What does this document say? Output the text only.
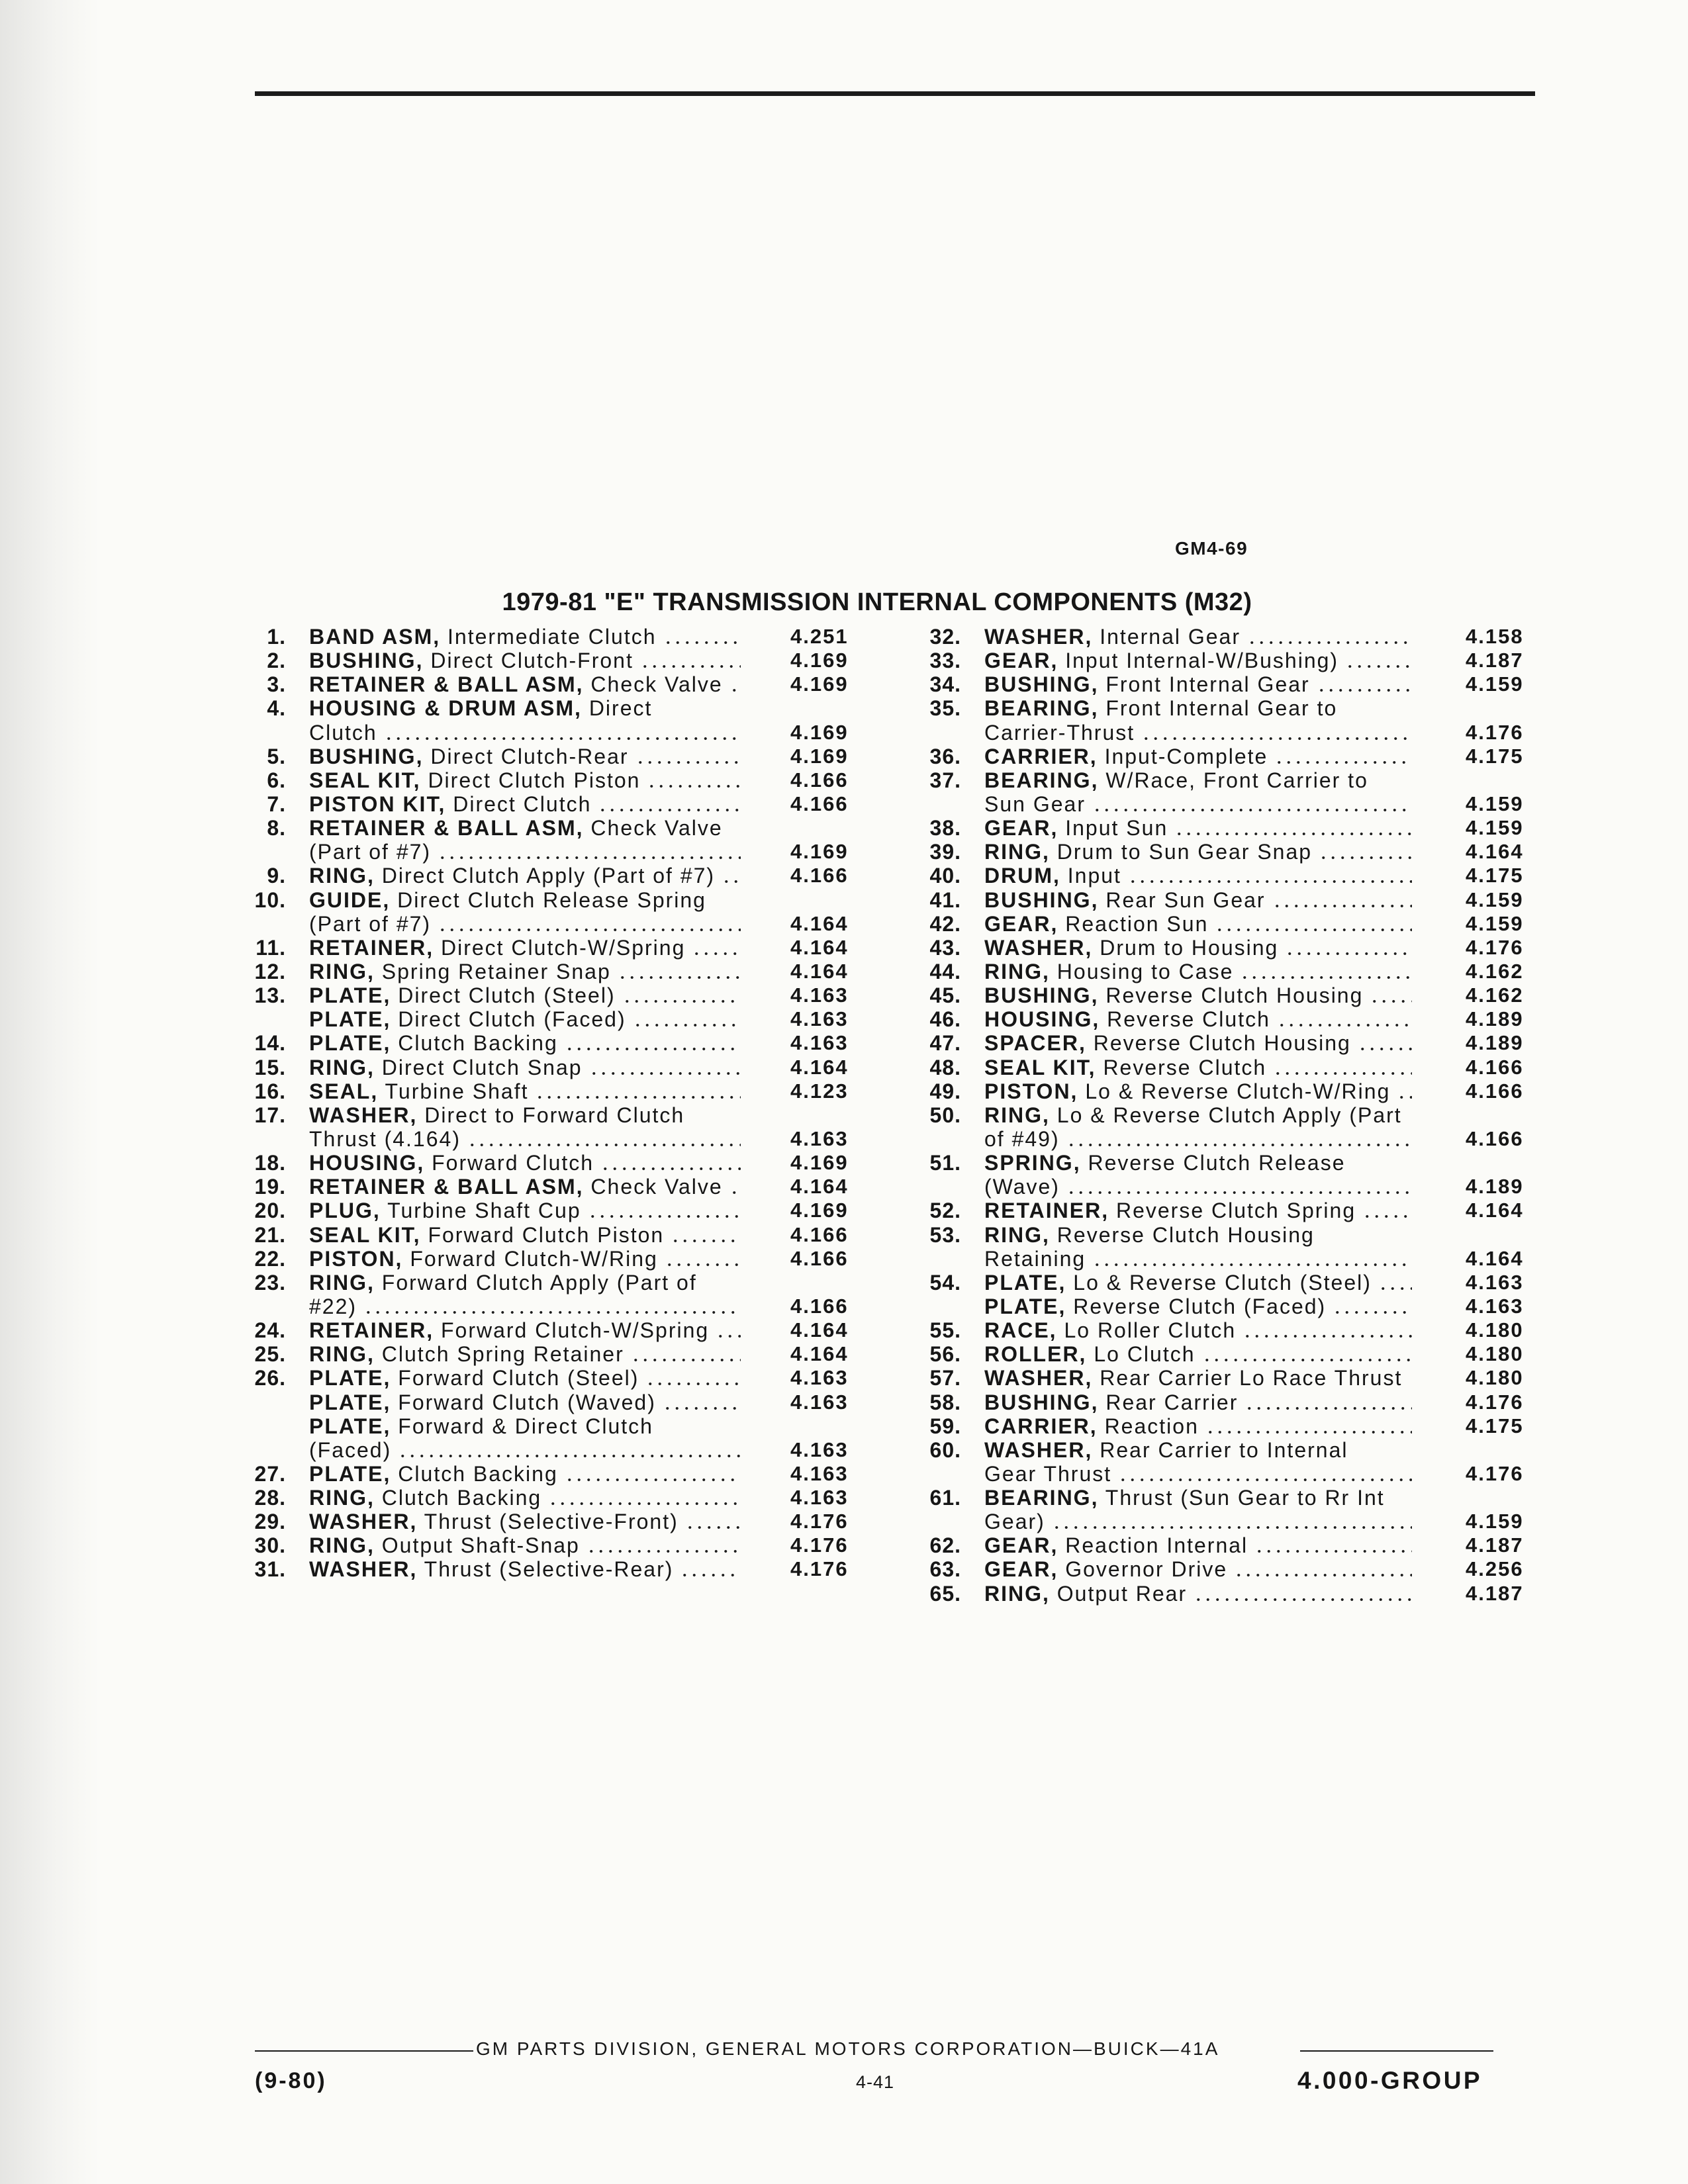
GM4-69
1979-81 "E" TRANSMISSION INTERNAL COMPONENTS (M32)
1. BAND ASM, Intermediate Clutch	4.251
2. BUSHING, Direct Clutch-Front	4.169
3. RETAINER & BALL ASM, Check Valve	4.169
4. HOUSING & DRUM ASM, Direct
Clutch	4.169
5. BUSHING, Direct Clutch-Rear	4.169
6. SEAL KIT, Direct Clutch Piston	4.166
7. PISTON KIT, Direct Clutch	4.166
8. RETAINER & BALL ASM, Check Valve
(Part of #7)	4.169
9. RING, Direct Clutch Apply (Part of #7)	4.166
10. GUIDE, Direct Clutch Release Spring
(Part of #7)	4.164
11. RETAINER, Direct Clutch-W/Spring	4.164
12. RING, Spring Retainer Snap	4.164
13. PLATE, Direct Clutch (Steel)	4.163
PLATE, Direct Clutch (Faced)	4.163
14. PLATE, Clutch Backing	4.163
15. RING, Direct Clutch Snap	4.164
16. SEAL, Turbine Shaft	4.123
17. WASHER, Direct to Forward Clutch
Thrust (4.164)	4.163
18. HOUSING, Forward Clutch	4.169
19. RETAINER & BALL ASM, Check Valve	4.164
20. PLUG, Turbine Shaft Cup	4.169
21. SEAL KIT, Forward Clutch Piston	4.166
22. PISTON, Forward Clutch-W/Ring	4.166
23. RING, Forward Clutch Apply (Part of
#22)	4.166
24. RETAINER, Forward Clutch-W/Spring	4.164
25. RING, Clutch Spring Retainer	4.164
26. PLATE, Forward Clutch (Steel)	4.163
PLATE, Forward Clutch (Waved)	4.163
PLATE, Forward & Direct Clutch
(Faced)	4.163
27. PLATE, Clutch Backing	4.163
28. RING, Clutch Backing	4.163
29. WASHER, Thrust (Selective-Front)	4.176
30. RING, Output Shaft-Snap	4.176
31. WASHER, Thrust (Selective-Rear)	4.176
32. WASHER, Internal Gear	4.158
33. GEAR, Input Internal-W/Bushing)	4.187
34. BUSHING, Front Internal Gear	4.159
35. BEARING, Front Internal Gear to
Carrier-Thrust	4.176
36. CARRIER, Input-Complete	4.175
37. BEARING, W/Race, Front Carrier to
Sun Gear	4.159
38. GEAR, Input Sun	4.159
39. RING, Drum to Sun Gear Snap	4.164
40. DRUM, Input	4.175
41. BUSHING, Rear Sun Gear	4.159
42. GEAR, Reaction Sun	4.159
43. WASHER, Drum to Housing	4.176
44. RING, Housing to Case	4.162
45. BUSHING, Reverse Clutch Housing	4.162
46. HOUSING, Reverse Clutch	4.189
47. SPACER, Reverse Clutch Housing	4.189
48. SEAL KIT, Reverse Clutch	4.166
49. PISTON, Lo & Reverse Clutch-W/Ring	4.166
50. RING, Lo & Reverse Clutch Apply (Part
of #49)	4.166
51. SPRING, Reverse Clutch Release
(Wave)	4.189
52. RETAINER, Reverse Clutch Spring	4.164
53. RING, Reverse Clutch Housing
Retaining	4.164
54. PLATE, Lo & Reverse Clutch (Steel)	4.163
PLATE, Reverse Clutch (Faced)	4.163
55. RACE, Lo Roller Clutch	4.180
56. ROLLER, Lo Clutch	4.180
57. WASHER, Rear Carrier Lo Race Thrust	4.180
58. BUSHING, Rear Carrier	4.176
59. CARRIER, Reaction	4.175
60. WASHER, Rear Carrier to Internal
Gear Thrust	4.176
61. BEARING, Thrust (Sun Gear to Rr Int
Gear)	4.159
62. GEAR, Reaction Internal	4.187
63. GEAR, Governor Drive	4.256
65. RING, Output Rear	4.187
GM PARTS DIVISION, GENERAL MOTORS CORPORATION—BUICK—41A
(9-80)	4-41	4.000-GROUP
